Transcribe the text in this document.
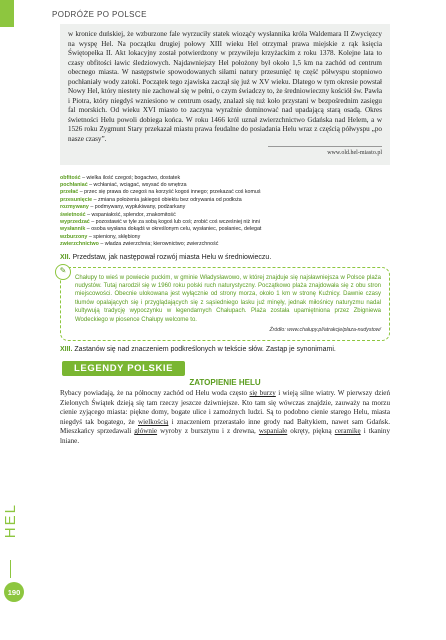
PODRÓŻE PO POLSCE
w kronice duńskiej, że wzburzone fale wyrzuciły statek wioząćy wysłannika króla Waldemara II Zwycięzcy na wyspę Hel. Na początku drugiej połowy XIII wieku Hel otrzymał prawa miejskie z rąk księcia Świętopełka II. Akt lokacyjny został potwierdzony w przywileju krzyżackim z roku 1378. Kolejne lata to czasy obfitości ławic śledziowych. Najdawniejszy Hel położony był około 1,5 km na zachód od centrum obecnego miasta. W następstwie spowodowanych siłami natury przesunięć tę część półwyspu stopniowo pochłaniały wody zatoki. Początek tego zjawiska zaczął się już w XV wieku. Dlatego w tym okresie powstał Nowy Hel, który niestety nie zachował się w pełni, o czym świadczy to, że średniowieczny kościół św. Pawła i Piotra, który niegdyś wzniesiono w centrum osady, znalazł się tuż koło przystani w bezpośrednim zasięgu fal morskich. Od wieku XVI miasto to zaczyna wyraźnie dominować nad upadającą starą osadą. Okres świetności Helu powoli dobiega końca. W roku 1466 król uznał zwierzchnictwo Gdańska nad Helem, a w 1526 roku Zygmunt Stary przekazał miastu prawa feudalne do posiadania Helu wraz z częścią półwyspu „po nasze czasy”.
www.old.hel-miasto.pl
obfitość – wielka ilość czegoś; bogactwo, dostatek
pochłaniać – wchłaniać, wciągać, wsysać do wnętrza
przełać – przec się prawa do czegoś na korzyść kogoś innego; przekazać coś komuś
przesunięcie – zmiana położenia jakiegoś obiektu bez odrywania od podłoża
rozmywany – podmywany, wypłukiwany, podżarkany
świetność – wspaniałość, splendor, znakomitość
wyprzedzać – pozostawić w tyle za sobą kogoś lub coś; zrobić coś wcześniej niż inni
wysłannik – osoba wysłana dokądś w określonym celu, wysłaniec, posłaniec, delegat
wzburzony – spieniony, skłębiony
zwierzchnictwo – władza zwierzchnia; kierownictwo; zwierzchność
XII. Przedstaw, jak następował rozwój miasta Helu w średniowieczu.
✎
Chałupy to wieś w powiecie puckim, w gminie Władysławowo, w której znajduje się najsławniejsza w Polsce plaża nudystów. Tutaj narodził się w 1960 roku polski ruch naturystyczny. Początkowo plaża znajdowała się z obu stron miejscowości. Obecnie ulokowana jest wyłącznie od strony morza, około 1 km w stronę Kuźnicy. Dawnie czasy tłumów opalających się i przyglądających się z sąsiedniego lasku już minęły, jednak miłośnicy naturyzmu nadal kultywują tradycję wypoczynku w legendarnych Chałupach. Plaża została upamiętniona przez Zbigniewa Wodeckiego w piosence Chałupy welcome to.
Źródło: www.chalupy.pl/atrakcje/plaza-nudystow/
XIII. Zastanów się nad znaczeniem podkreślonych w tekście słów. Zastąp je synonimami.
LEGENDY POLSKIE
ZATOPIENIE HELU
Rybacy powiadają, że na północny zachód od Helu woda często się burzy i wieją silne wiatry. W pierwszy dzień Zielonych Świątek dzieją się tam rzeczy jeszcze dziwniejsze. Kto tam się wówczas znajdzie, zauważy na morzu cienie zyjącego miasta: piękne domy, bogate ulice i zamożnych ludzi. Są to podobno cienie starego Helu, miasta niegdyś tak bogatego, że wielkością i znaczeniem przerastało inne grody nad Bałtykiem, nawet sam Gdańsk. Mieszkańcy sprzedawali głównie wyroby z bursztynu i z drewna, wspaniałe okręty, piękną ceramikę i tkaniny lniane.
HEL
190
